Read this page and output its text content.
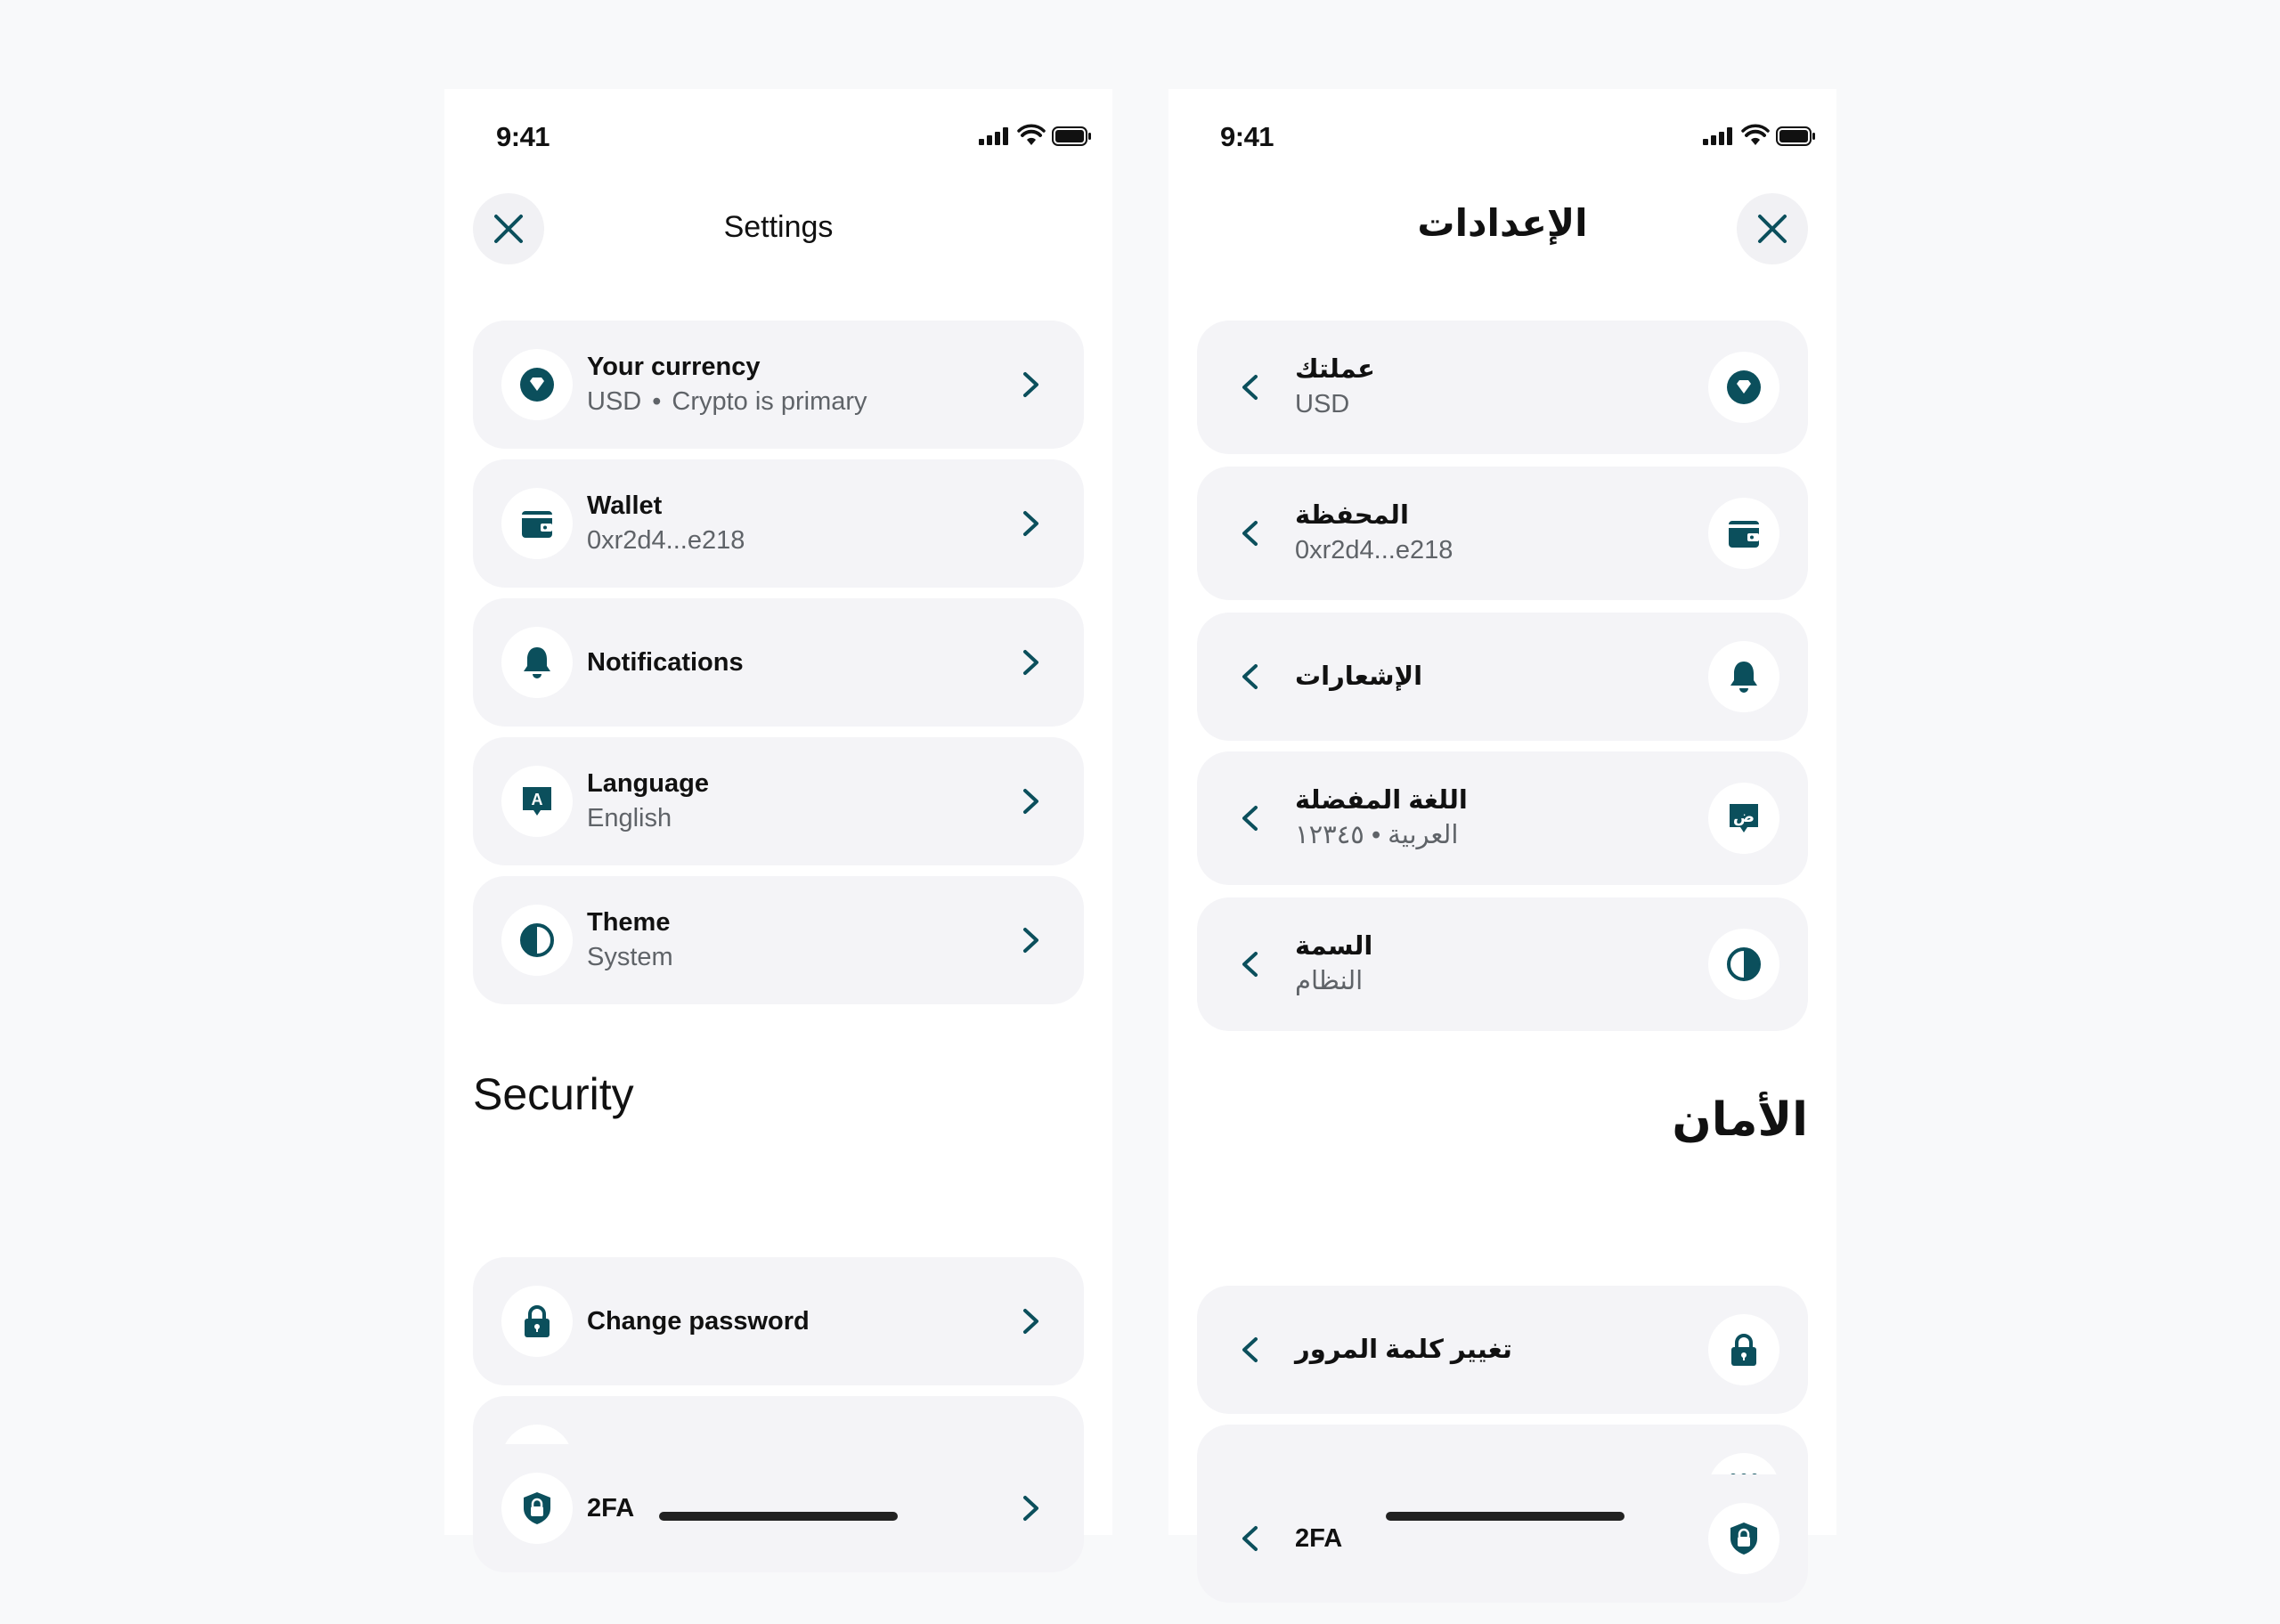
9:41
Settings
Your currency
USD • Crypto is primary
Wallet
0xr2d4...e218
Notifications
A
Language
English
Theme
System
Change password
Security
2FA
9:41
الإعدادات
عملتك
USD
المحفظة
0xr2d4...e218
الإشعارات
ض
اللغة المفضلة
العربية • ١٢٣٤٥
السمة
النظام
تغيير كلمة المرور
الأمان
2FA
